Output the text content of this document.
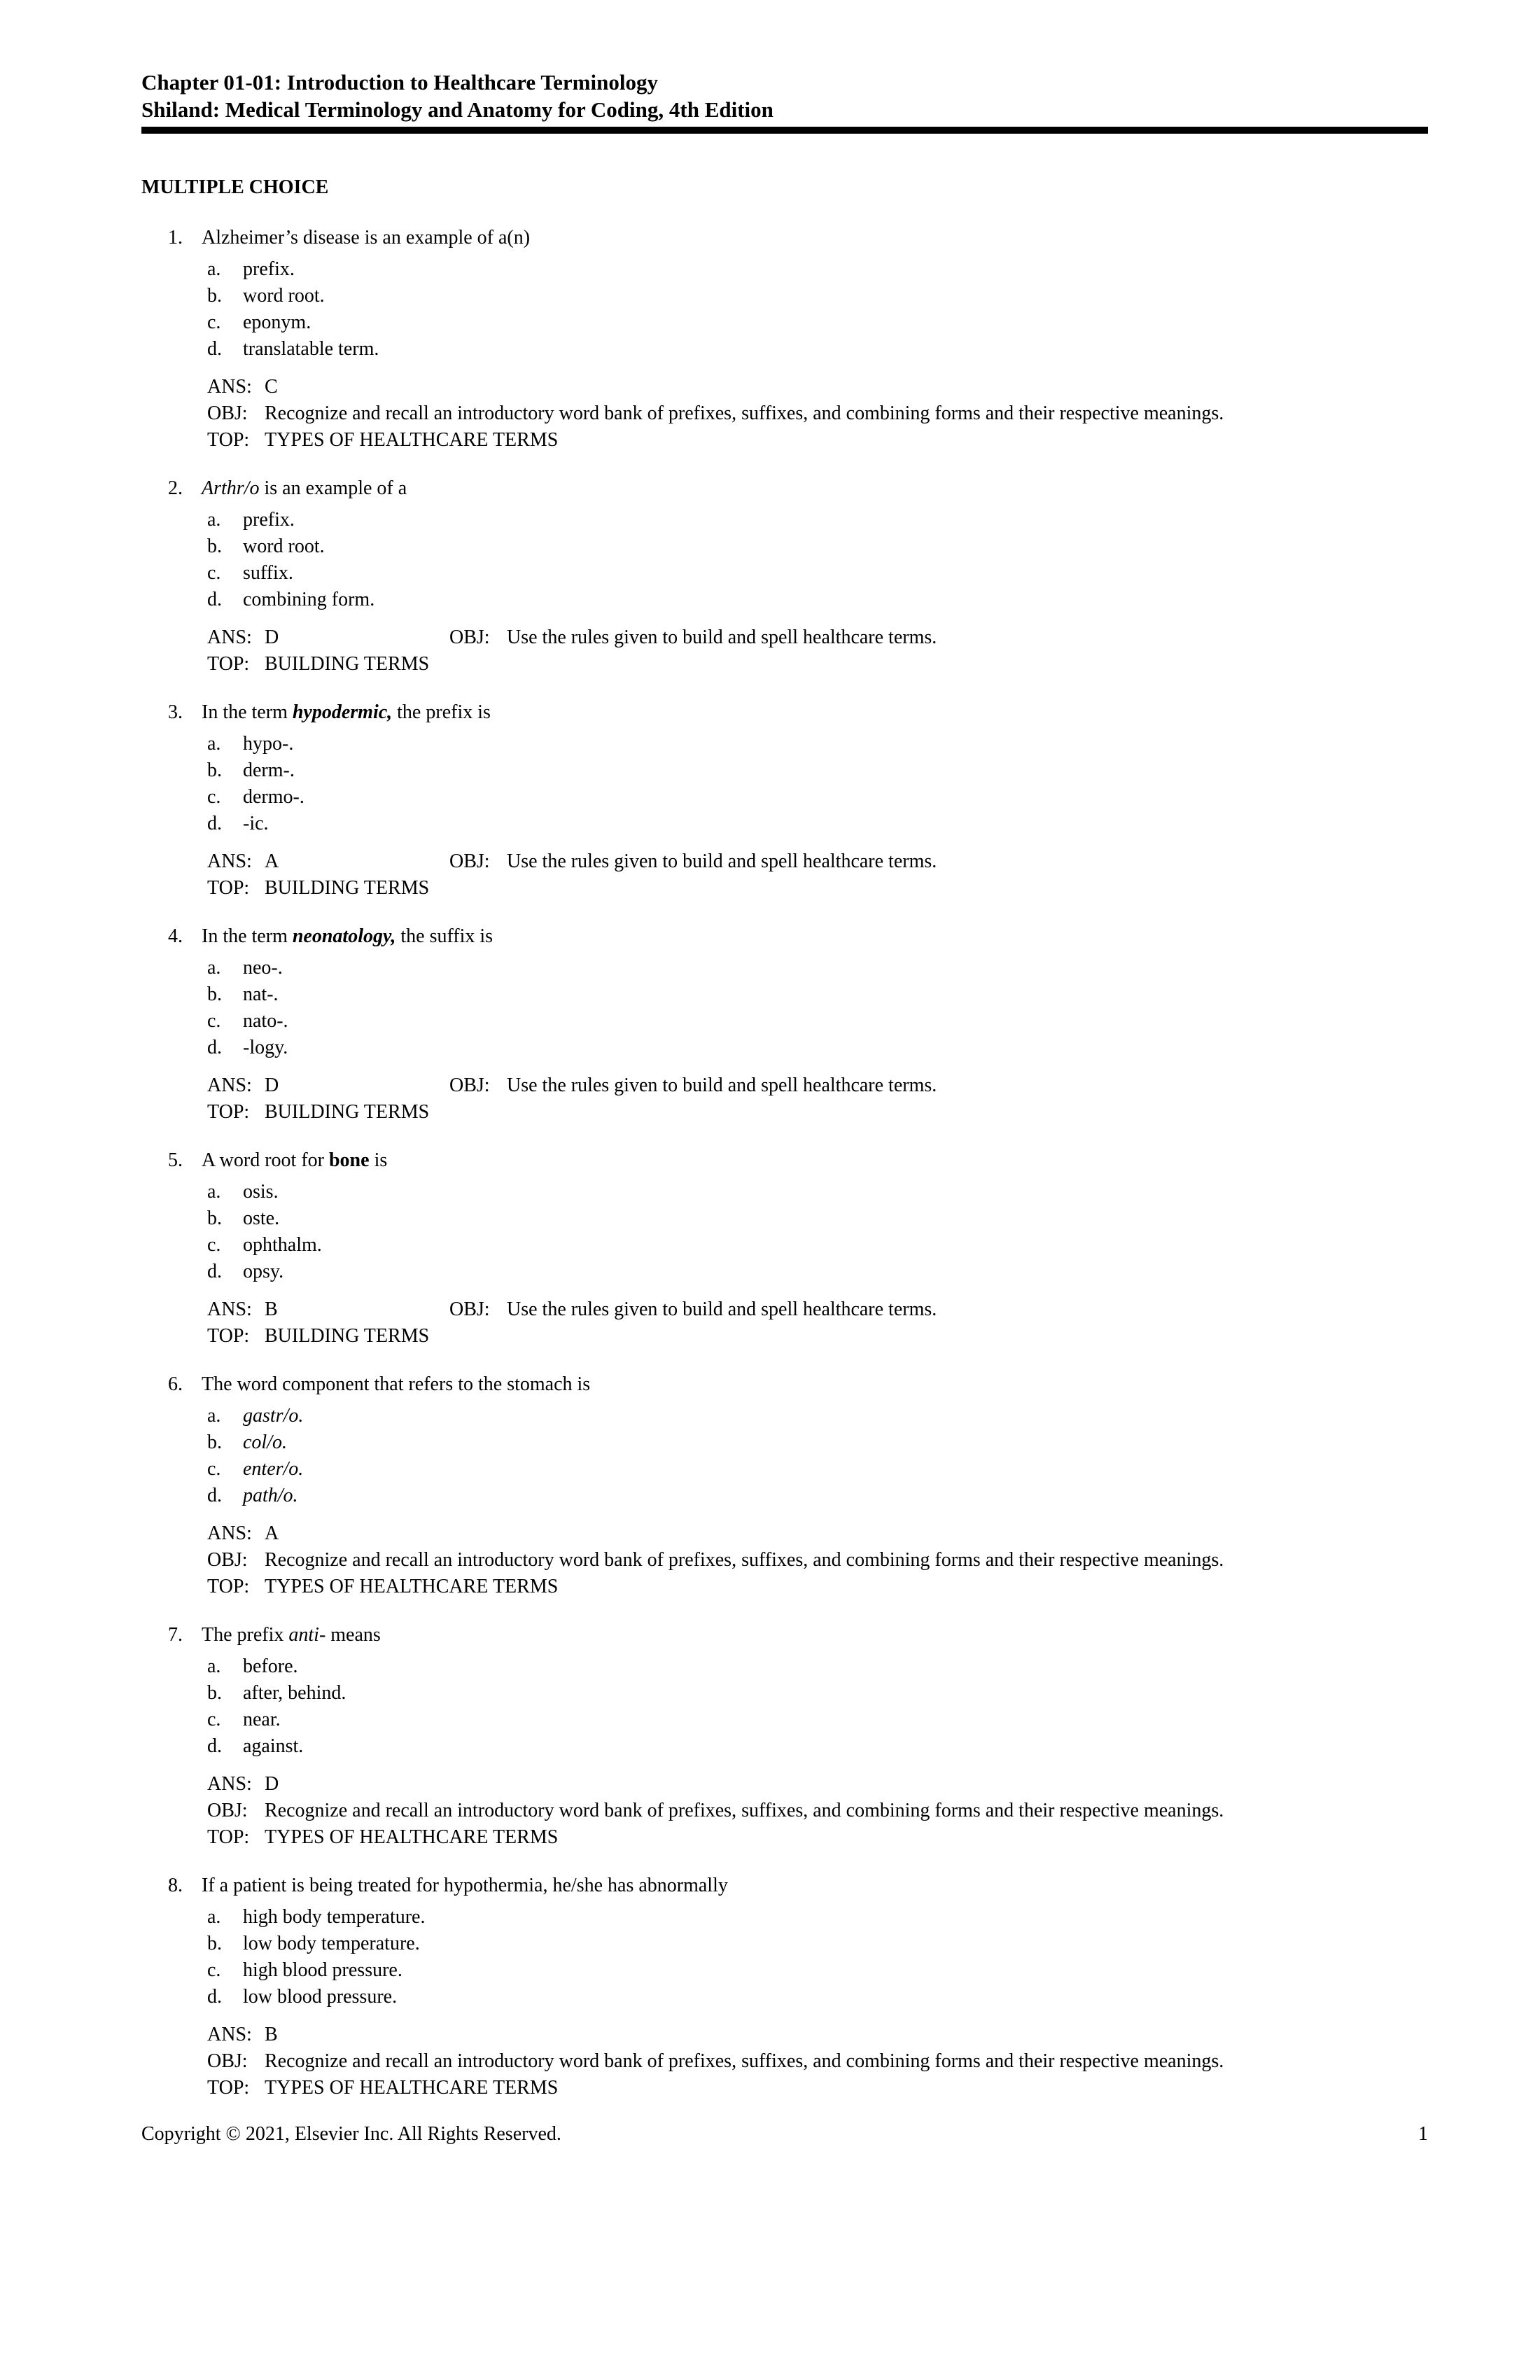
Chapter 01-01: Introduction to Healthcare Terminology
Shiland: Medical Terminology and Anatomy for Coding, 4th Edition
MULTIPLE CHOICE
1. Alzheimer’s disease is an example of a(n)
a.	prefix.
b.	word root.
c.	eponym.
d.	translatable term.
ANS: C
OBJ: Recognize and recall an introductory word bank of prefixes, suffixes, and combining forms and their respective meanings.
TOP: TYPES OF HEALTHCARE TERMS
2. Arthr/o is an example of a
a.	prefix.
b.	word root.
c.	suffix.
d.	combining form.
ANS: D	OBJ: Use the rules given to build and spell healthcare terms.
TOP: BUILDING TERMS
3. In the term hypodermic, the prefix is
a.	hypo-.
b.	derm-.
c.	dermo-.
d.	-ic.
ANS: A	OBJ: Use the rules given to build and spell healthcare terms.
TOP: BUILDING TERMS
4. In the term neonatology, the suffix is
a.	neo-.
b.	nat-.
c.	nato-.
d.	-logy.
ANS: D	OBJ: Use the rules given to build and spell healthcare terms.
TOP: BUILDING TERMS
5. A word root for bone is
a.	osis.
b.	oste.
c.	ophthalm.
d.	opsy.
ANS: B	OBJ: Use the rules given to build and spell healthcare terms.
TOP: BUILDING TERMS
6. The word component that refers to the stomach is
a.	gastr/o.
b.	col/o.
c.	enter/o.
d.	path/o.
ANS: A
OBJ: Recognize and recall an introductory word bank of prefixes, suffixes, and combining forms and their respective meanings.
TOP: TYPES OF HEALTHCARE TERMS
7. The prefix anti- means
a.	before.
b.	after, behind.
c.	near.
d.	against.
ANS: D
OBJ: Recognize and recall an introductory word bank of prefixes, suffixes, and combining forms and their respective meanings.
TOP: TYPES OF HEALTHCARE TERMS
8. If a patient is being treated for hypothermia, he/she has abnormally
a.	high body temperature.
b.	low body temperature.
c.	high blood pressure.
d.	low blood pressure.
ANS: B
OBJ: Recognize and recall an introductory word bank of prefixes, suffixes, and combining forms and their respective meanings.
TOP: TYPES OF HEALTHCARE TERMS
Copyright © 2021, Elsevier Inc. All Rights Reserved.	1
